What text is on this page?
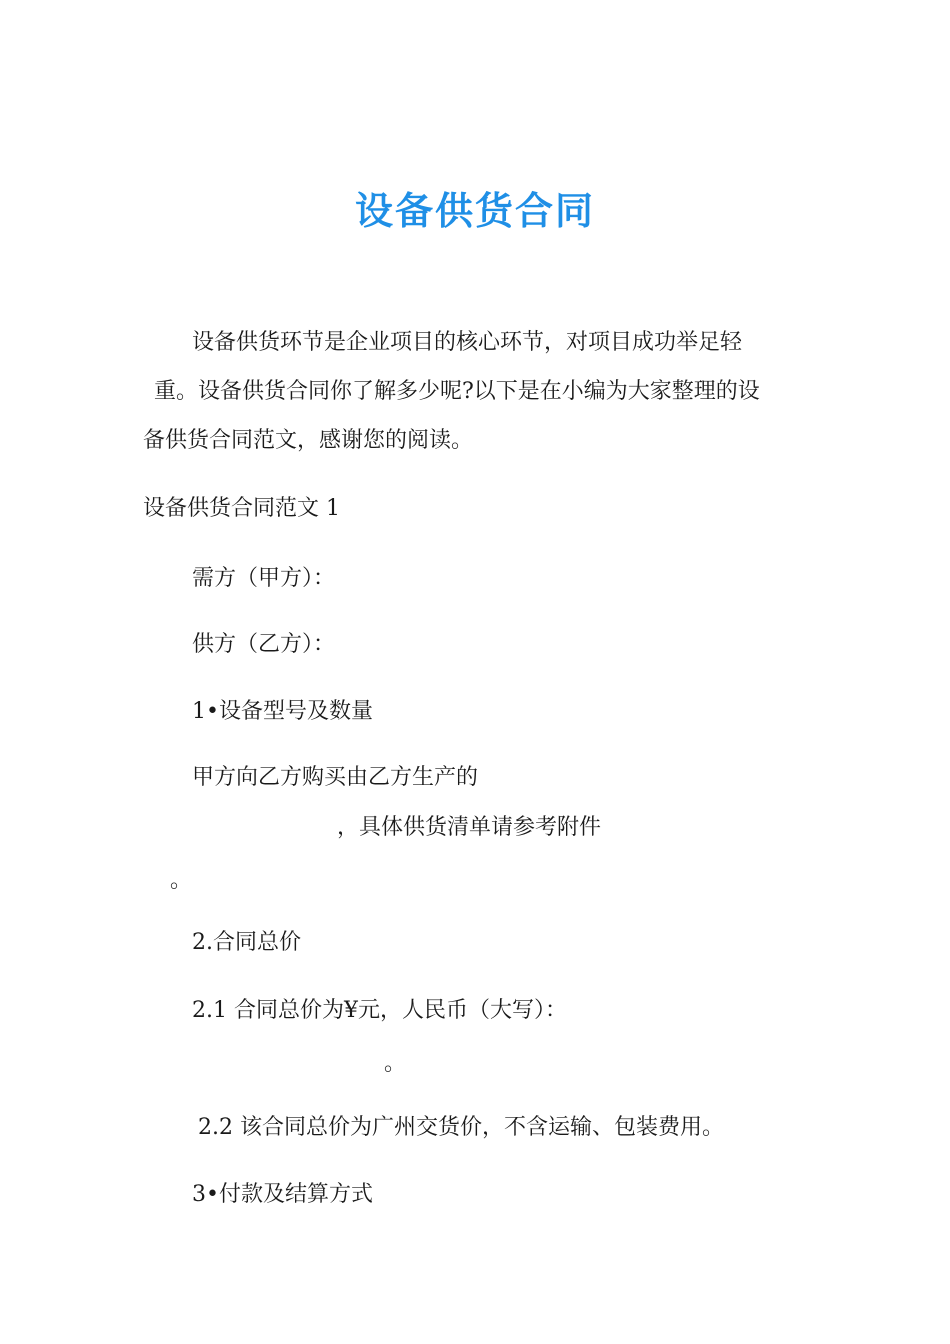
设备供货合同
设备供货环节是企业项目的核心环节，对项目成功举足轻
重。设备供货合同你了解多少呢?以下是在小编为大家整理的设
备供货合同范文，感谢您的阅读。
设备供货合同范文 1
需方（甲方）：
供方（乙方）：
1•设备型号及数量
甲方向乙方购买由乙方生产的
，具体供货清单请参考附件
。
2.合同总价
2.1 合同总价为¥元，人民币（大写）：
。
2.2 该合同总价为广州交货价，不含运输、包装费用。
3•付款及结算方式
